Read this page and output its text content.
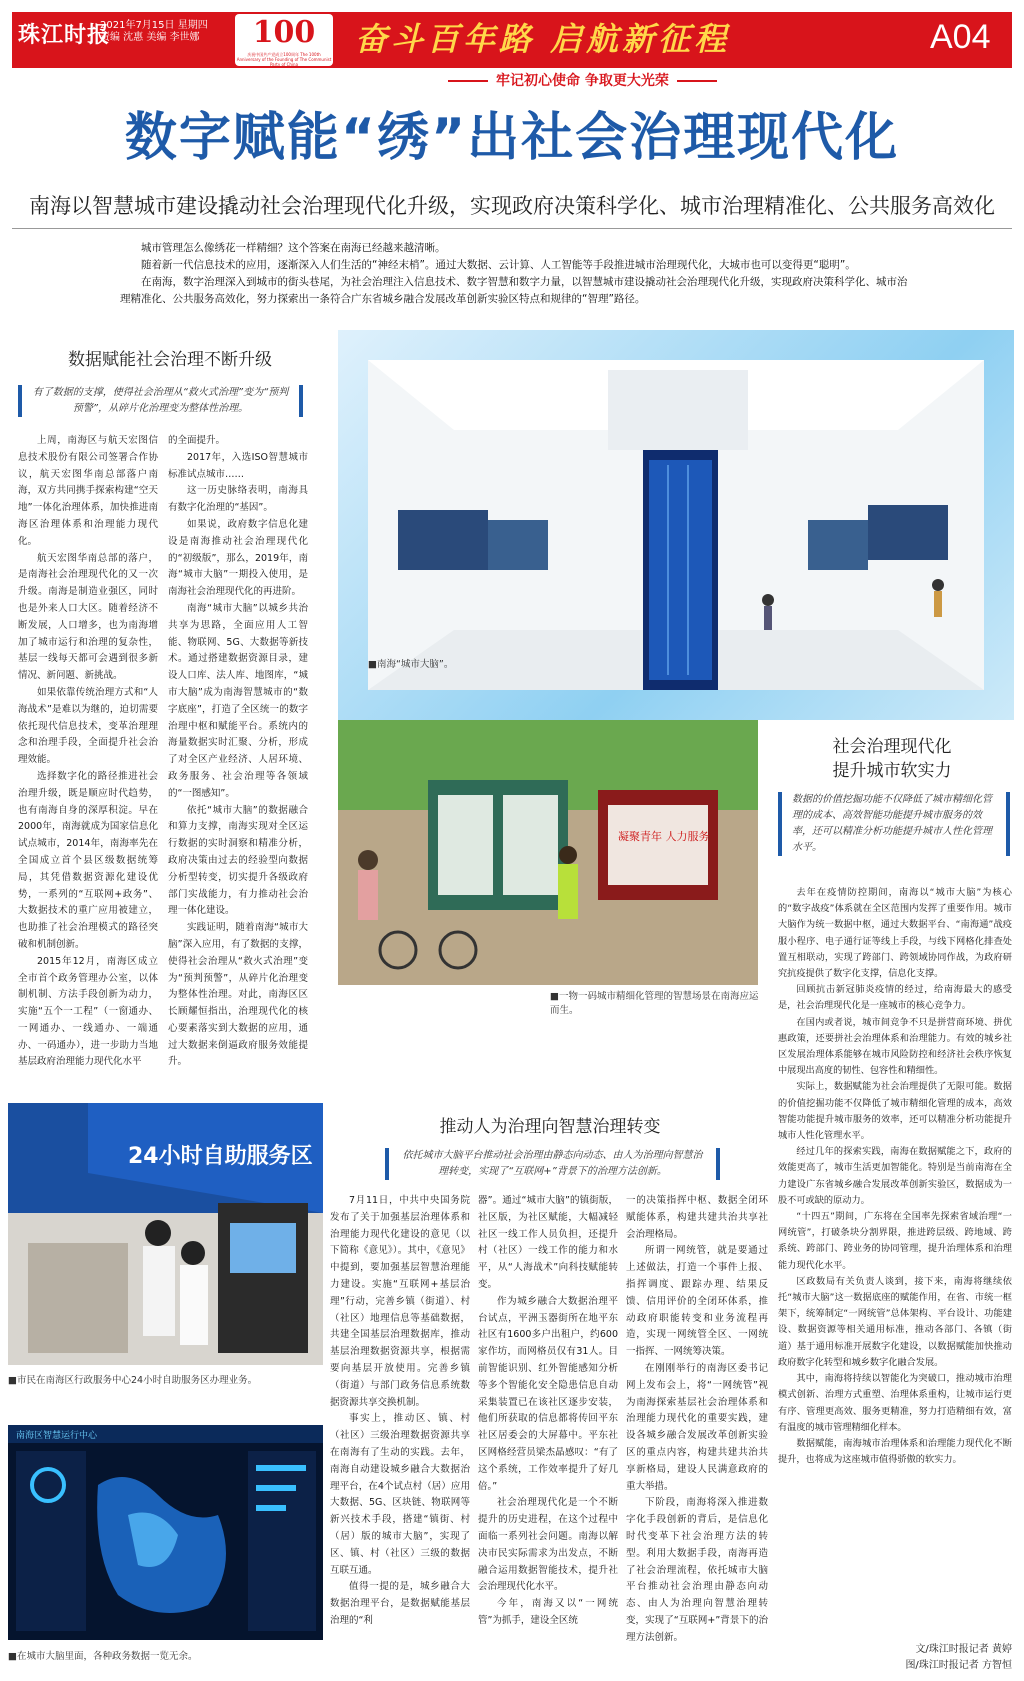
珠江时报
2021年7月15日 星期四
责编 沈惠 美编 李世娜	100
庆祝中国共产党成立100周年 The 100th Anniversary of the Founding of The Communist Party of China
奋斗百年路 启航新征程	A04
牢记初心使命 争取更大光荣
数字赋能“绣”出社会治理现代化
南海以智慧城市建设撬动社会治理现代化升级，实现政府决策科学化、城市治理精准化、公共服务高效化

城市管理怎么像绣花一样精细？这个答案在南海已经越来越清晰。

随着新一代信息技术的应用，逐渐深入人们生活的“神经末梢”。通过大数据、云计算、人工智能等手段推进城市治理现代化，大城市也可以变得更“聪明”。

在南海，数字治理深入到城市的街头巷尾，为社会治理注入信息技术、数字智慧和数字力量，以智慧城市建设撬动社会治理现代化升级，实现政府决策科学化、城市治理精准化、公共服务高效化，努力探索出一条符合广东省城乡融合发展改革创新实验区特点和规律的“智理”路径。

数据赋能社会治理不断升级
有了数据的支撑，使得社会治理从“救火式治理”变为“预判预警”，从碎片化治理变为整体性治理。

上周，南海区与航天宏图信息技术股份有限公司签署合作协议，航天宏图华南总部落户南海，双方共同携手探索构建“空天地”一体化治理体系，加快推进南海区治理体系和治理能力现代化。

航天宏图华南总部的落户，是南海社会治理现代化的又一次升级。南海是制造业强区，同时也是外来人口大区。随着经济不断发展，人口增多，也为南海增加了城市运行和治理的复杂性，基层一线每天都可会遇到很多新情况、新问题、新挑战。

如果依靠传统治理方式和“人海战术”是难以为继的，迫切需要依托现代信息技术，变革治理理念和治理手段，全面提升社会治理效能。

选择数字化的路径推进社会治理升级，既是顺应时代趋势，也有南海自身的深厚积淀。早在2000年，南海就成为国家信息化试点城市，2014年，南海率先在全国成立首个县区级数据统筹局，其凭借数据资源化建设优势，一系列的“互联网+政务”、大数据技术的重广应用被建立，也助推了社会治理模式的路径突破和机制创新。

2015年12月，南海区成立全市首个政务管理办公室，以体制机制、方法手段创新为动力，实施“五个一工程”（一窗通办、一网通办、一线通办、一端通办、一码通办），进一步助力当地基层政府治理能力现代化水平

的全面提升。

2017年，入选ISO智慧城市标准试点城市……

这一历史脉络表明，南海具有数字化治理的“基因”。

如果说，政府数字信息化建设是南海推动社会治理现代化的“初级版”，那么，2019年，南海“城市大脑”一期投入使用，是南海社会治理现代化的再进阶。

南海“城市大脑”以城乡共治共享为思路，全面应用人工智能、物联网、5G、大数据等新技术。通过搭建数据资源目录，建设人口库、法人库、地图库，“城市大脑”成为南海智慧城市的“数字底座”，打造了全区统一的数字治理中枢和赋能平台。系统内的海量数据实时汇聚、分析，形成了对全区产业经济、人居环境、政务服务、社会治理等各领域的“一图感知”。

依托“城市大脑”的数据融合和算力支撑，南海实现对全区运行数据的实时洞察和精准分析，政府决策由过去的经验型向数据分析型转变，切实提升各级政府部门实战能力，有力推动社会治理一体化建设。

实践证明，随着南海“城市大脑”深入应用，有了数据的支撑，使得社会治理从“救火式治理”变为“预判预警”，从碎片化治理变为整体性治理。对此，南海区区长顾耀恒指出，治理现代化的核心要素落实到大数据的应用，通过大数据来倒逼政府服务效能提升。

■南海“城市大脑”。
凝聚青年 人力服务
■一物一码城市精细化管理的智慧场景在南海应运而生。
社会治理现代化
提升城市软实力
数据的价值挖掘功能不仅降低了城市精细化管理的成本、高效智能功能提升城市服务的效率，还可以精准分析功能提升城市人性化管理水平。

去年在疫情防控期间，南海以“城市大脑”为核心的“数字战疫”体系就在全区范围内发挥了重要作用。城市大脑作为统一数据中枢，通过大数据平台、“南海通”战疫服小程序、电子通行证等线上手段，与线下网格化排查处置互相联动，实现了跨部门、跨领域协同作战，为政府研究抗疫提供了数字化支撑，信息化支撑。

回顾抗击新冠肺炎疫情的经过，给南海最大的感受是，社会治理现代化是一座城市的核心竞争力。

在国内或者说，城市间竞争不只是拼营商环境、拼优惠政策，还要拼社会治理体系和治理能力。有效的城乡社区发展治理体系能够在城市风险防控和经济社会秩序恢复中展现出高度的韧性、包容性和精细性。

实际上，数据赋能为社会治理提供了无限可能。数据的价值挖掘功能不仅降低了城市精细化管理的成本，高效智能功能提升城市服务的效率，还可以精准分析功能提升城市人性化管理水平。

经过几年的探索实践，南海在数据赋能之下，政府的效能更高了，城市生活更加智能化。特别是当前南海在全力建设广东省城乡融合发展改革创新实验区，数据成为一股不可或缺的原动力。

“十四五”期间，广东将在全国率先探索省域治理“一网统管”，打破条块分割界限，推进跨层级、跨地域、跨系统、跨部门、跨业务的协同管理，提升治理体系和治理能力现代化水平。

区政数局有关负责人谈到，接下来，南海将继续依托“城市大脑”这一数据底座的赋能作用，在省、市统一框架下，统筹制定“一网统管”总体架构、平台设计、功能建设、数据资源等相关通用标准，推动各部门、各镇（街道）基于通用标准开展数字化建设，以数据赋能加快推动政府数字化转型和城乡数字化融合发展。

其中，南海将持续以智能化为突破口，推动城市治理模式创新、治理方式重塑、治理体系重构，让城市运行更有序、管理更高效、服务更精准，努力打造精细有效，富有温度的城市管理精细化样本。

数据赋能，南海城市治理体系和治理能力现代化不断提升，也将成为这座城市值得骄傲的软实力。

文/珠江时报记者 黄婷
图/珠江时报记者 方智恒
24小时自助服务区
■市民在南海区行政服务中心24小时自助服务区办理业务。
南海区智慧运行中心
■在城市大脑里面，各种政务数据一览无余。
推动人为治理向智慧治理转变
依托城市大脑平台推动社会治理由静态向动态、由人为治理向智慧治理转变，实现了“互联网+”背景下的治理方法创新。

7月11日，中共中央国务院发布了关于加强基层治理体系和治理能力现代化建设的意见（以下简称《意见》）。其中，《意见》中提到，要加强基层智慧治理能力建设。实施“互联网+基层治理”行动，完善乡镇（街道）、村（社区）地理信息等基础数据，共建全国基层治理数据库，推动基层治理数据资源共享，根据需要向基层开放使用。完善乡镇（街道）与部门政务信息系统数据资源共享交换机制。

事实上，推动区、镇、村（社区）三级治理数据资源共享在南海有了生动的实践。去年，南海自动建设城乡融合大数据治理平台，在4个试点村（居）应用大数据、5G、区块链、物联网等新兴技术手段，搭建“镇街、村（居）版的城市大脑”，实现了区、镇、村（社区）三级的数据互联互通。

值得一提的是，城乡融合大数据治理平台，是数据赋能基层治理的“利

器”。通过“城市大脑”的镇街版，社区版，为社区赋能，大幅减轻社区一线工作人员负担，还提升村（社区）一线工作的能力和水平，从“人海战术”向科技赋能转变。

作为城乡融合大数据治理平台试点，平洲玉器街所在地平东社区有1600多户出租户，约600家作坊，而网格员仅有31人。目前智能识别、红外智能感知分析等多个智能化安全隐患信息自动采集装置已在该社区逐步安装，他们所获取的信息都将传回平东社区居委会的大屏幕中。平东社区网格经营员梁杰晶感叹：“有了这个系统，工作效率提升了好几倍。”

社会治理现代化是一个不断提升的历史进程，在这个过程中面临一系列社会问题。南海以解决市民实际需求为出发点，不断融合运用数据智能技术，提升社会治理现代化水平。

今年，南海又以“一网统管”为抓手，建设全区统

一的决策指挥中枢、数据全闭环赋能体系，构建共建共治共享社会治理格局。

所谓一网统管，就是要通过上述做法，打造一个事件上报、指挥调度、跟踪办理、结果反馈、信用评价的全闭环体系，推动政府职能转变和业务流程再造，实现一网统管全区、一网统一指挥、一网统筹决策。

在刚刚举行的南海区委书记网上发布会上，将“一网统管”视为南海探索基层社会治理体系和治理能力现代化的重要实践，建设各城乡融合发展改革创新实验区的重点内容，构建共建共治共享新格局，建设人民满意政府的重大举措。

下阶段，南海将深入推进数字化手段创新的背后，是信息化时代变革下社会治理方法的转型。利用大数据手段，南海再造了社会治理流程，依托城市大脑平台推动社会治理由静态向动态、由人为治理向智慧治理转变，实现了“互联网+”背景下的治理方法创新。
